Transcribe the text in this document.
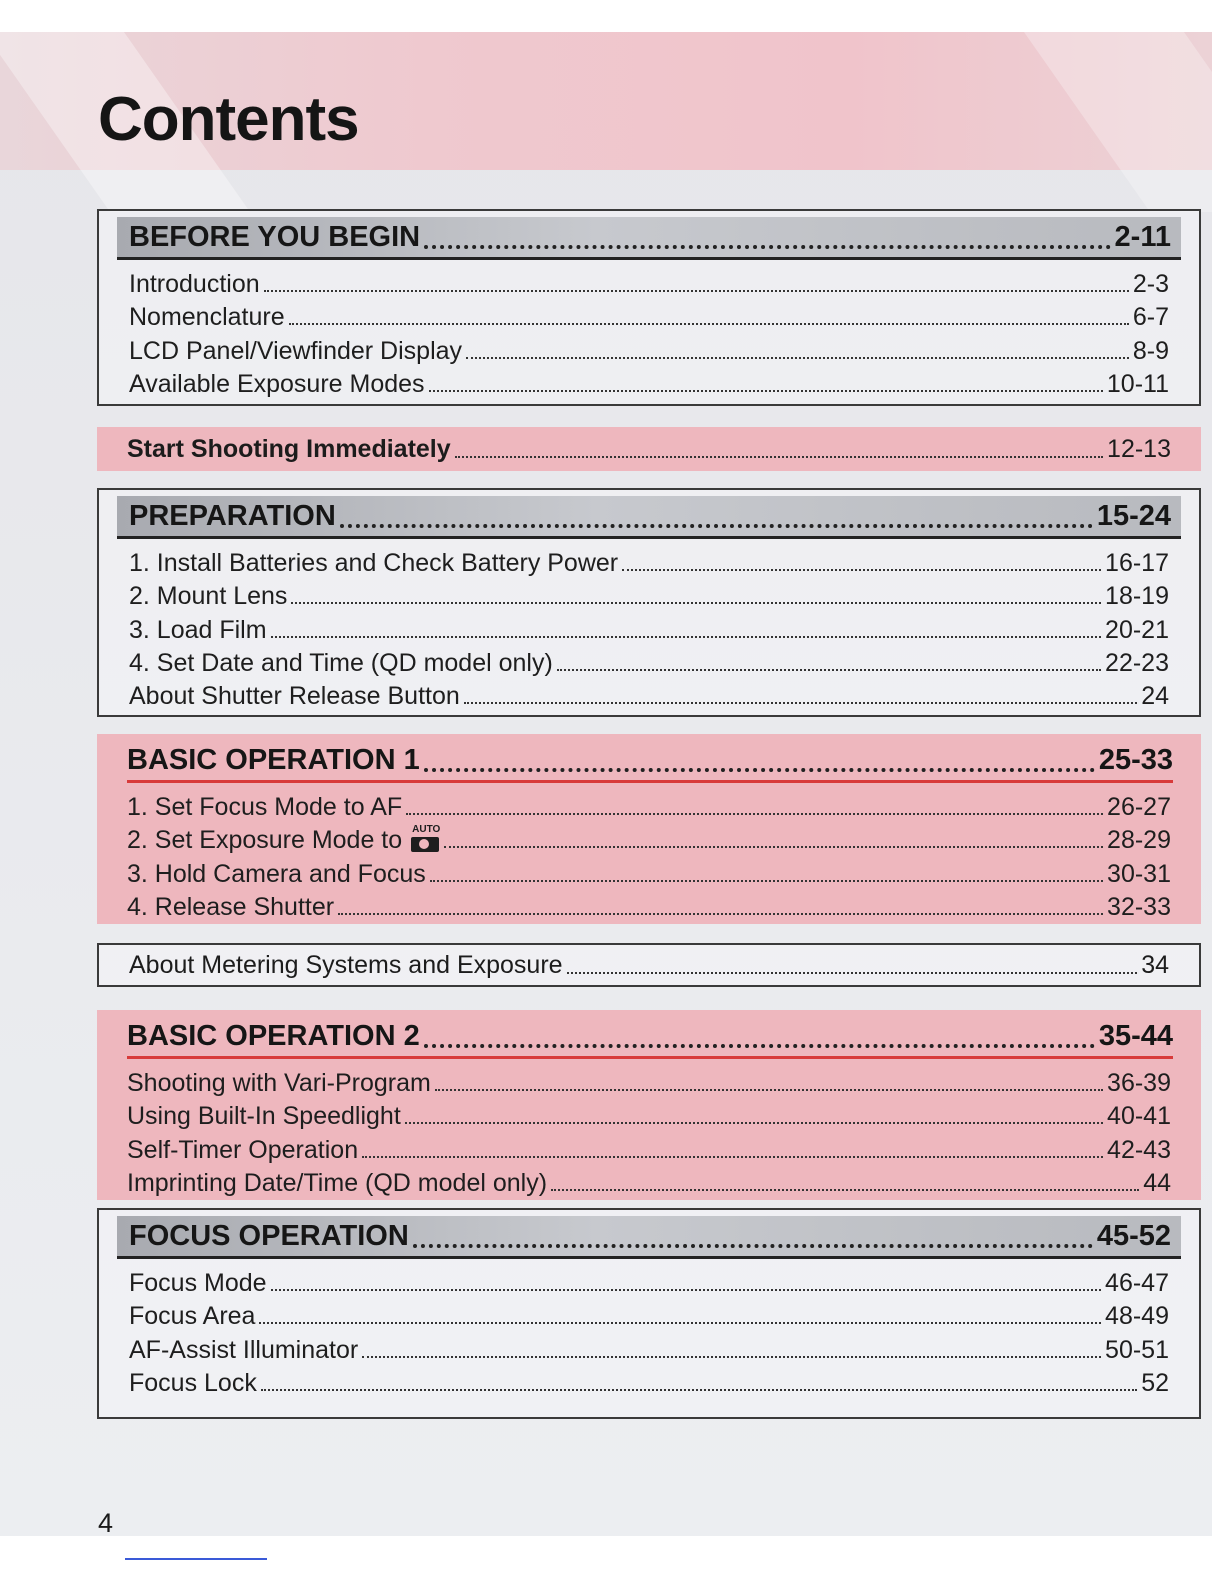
Contents
BEFORE YOU BEGIN	2-11
Introduction	2-3
Nomenclature	6-7
LCD Panel/Viewfinder Display	8-9
Available Exposure Modes	10-11
Start Shooting Immediately	12-13
PREPARATION	15-24
1. Install Batteries and Check Battery Power	16-17
2. Mount Lens	18-19
3. Load Film	20-21
4. Set Date and Time (QD model only)	22-23
About Shutter Release Button	24
BASIC OPERATION 1	25-33
1. Set Focus Mode to AF	26-27
2. Set Exposure Mode to AUTO	28-29
3. Hold Camera and Focus	30-31
4. Release Shutter	32-33
About Metering Systems and Exposure	34
BASIC OPERATION 2	35-44
Shooting with Vari-Program	36-39
Using Built-In Speedlight	40-41
Self-Timer Operation	42-43
Imprinting Date/Time (QD model only)	44
FOCUS OPERATION	45-52
Focus Mode	46-47
Focus Area	48-49
AF-Assist Illuminator	50-51
Focus Lock	52
4
